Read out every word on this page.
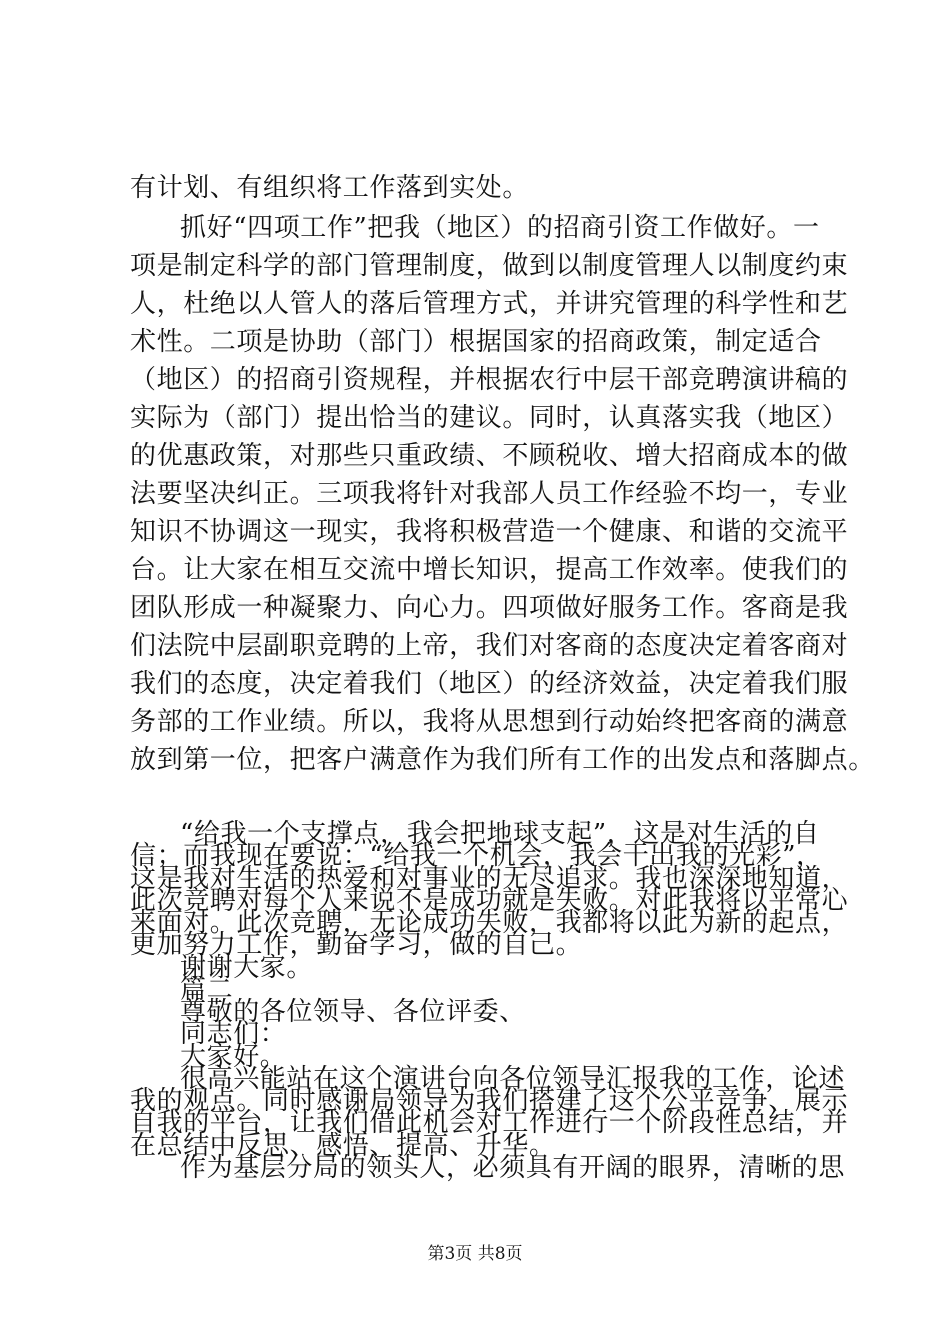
有计划、有组织将工作落到实处。
抓好“四项工作”把我（地区）的招商引资工作做好。一
项是制定科学的部门管理制度，做到以制度管理人以制度约束
人，杜绝以人管人的落后管理方式，并讲究管理的科学性和艺
术性。二项是协助（部门）根据国家的招商政策，制定适合
（地区）的招商引资规程，并根据农行中层干部竞聘演讲稿的
实际为（部门）提出恰当的建议。同时，认真落实我（地区）
的优惠政策，对那些只重政绩、不顾税收、增大招商成本的做
法要坚决纠正。三项我将针对我部人员工作经验不均一，专业
知识不协调这一现实，我将积极营造一个健康、和谐的交流平
台。让大家在相互交流中增长知识，提高工作效率。使我们的
团队形成一种凝聚力、向心力。四项做好服务工作。客商是我
们法院中层副职竞聘的上帝，我们对客商的态度决定着客商对
我们的态度，决定着我们（地区）的经济效益，决定着我们服
务部的工作业绩。所以，我将从思想到行动始终把客商的满意
放到第一位，把客户满意作为我们所有工作的出发点和落脚点。
“给我一个支撑点，我会把地球支起”，这是对生活的自
信；而我现在要说：“给我一个机会，我会干出我的光彩”，
这是我对生活的热爱和对事业的无尽追求。我也深深地知道，
此次竞聘对每个人来说不是成功就是失败。对此我将以平常心
来面对。此次竞聘，无论成功失败，我都将以此为新的起点，
更加努力工作，勤奋学习，做的自己。
谢谢大家。
篇二
尊敬的各位领导、各位评委、
同志们：
大家好。
很高兴能站在这个演讲台向各位领导汇报我的工作，论述
我的观点。同时感谢局领导为我们搭建了这个公平竞争、展示
自我的平台，让我们借此机会对工作进行一个阶段性总结，并
在总结中反思、感悟、提高、升华。
作为基层分局的领头人，必须具有开阔的眼界，清晰的思
第3页 共8页
